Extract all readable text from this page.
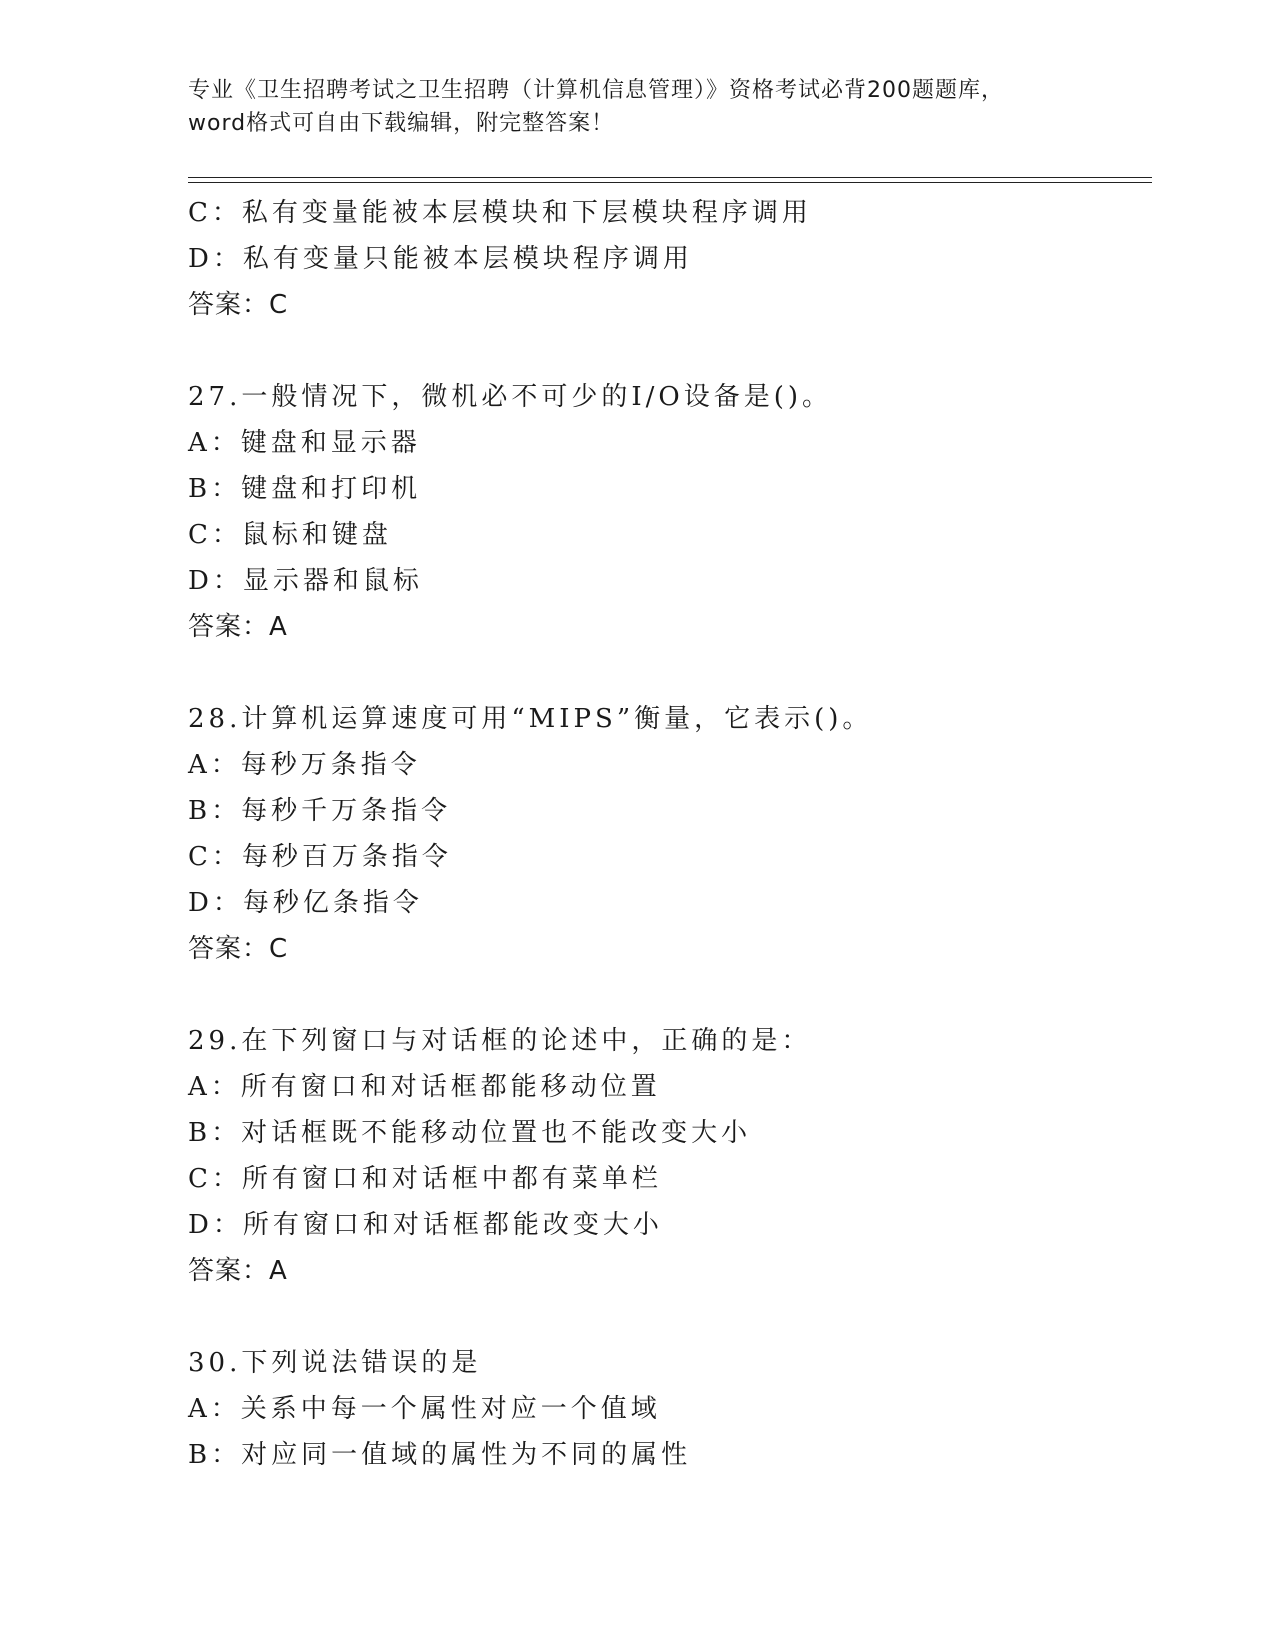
专业《卫生招聘考试之卫生招聘（计算机信息管理）》资格考试必背200题题库，
word格式可自由下载编辑，附完整答案！
C：私有变量能被本层模块和下层模块程序调用
D：私有变量只能被本层模块程序调用
答案：C
27.一般情况下，微机必不可少的I/O设备是()。
A：键盘和显示器
B：键盘和打印机
C：鼠标和键盘
D：显示器和鼠标
答案：A
28.计算机运算速度可用“MIPS”衡量，它表示()。
A：每秒万条指令
B：每秒千万条指令
C：每秒百万条指令
D：每秒亿条指令
答案：C
29.在下列窗口与对话框的论述中，正确的是：
A：所有窗口和对话框都能移动位置
B：对话框既不能移动位置也不能改变大小
C：所有窗口和对话框中都有菜单栏
D：所有窗口和对话框都能改变大小
答案：A
30.下列说法错误的是
A：关系中每一个属性对应一个值域
B：对应同一值域的属性为不同的属性
